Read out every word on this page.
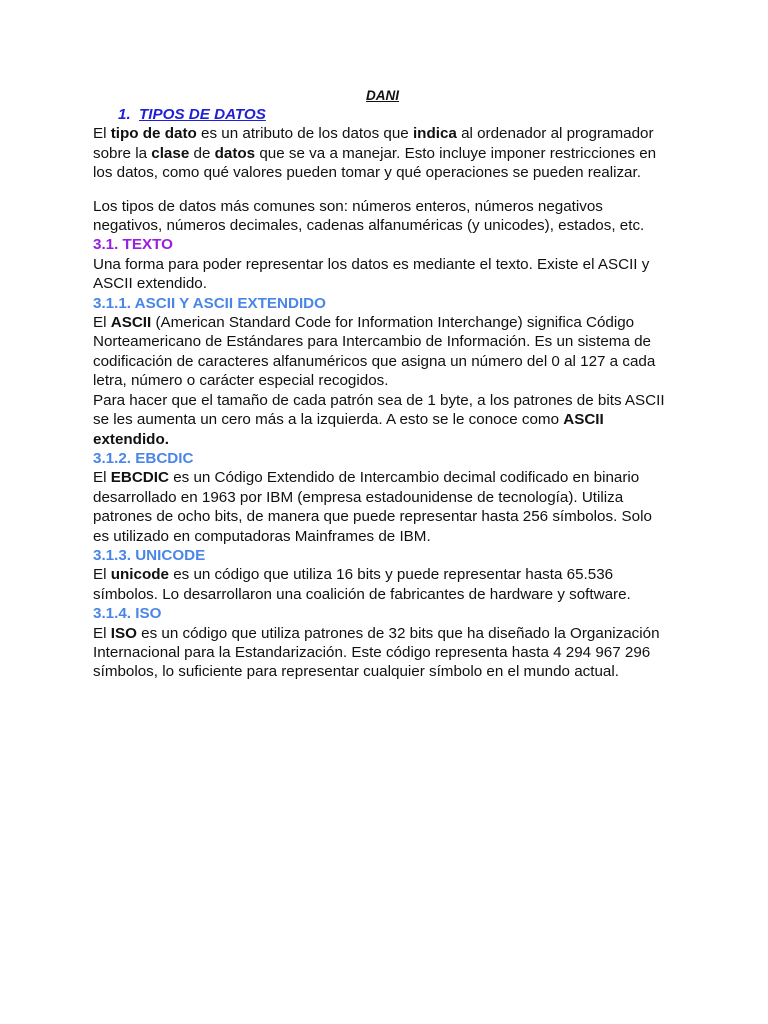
DANI

1. TIPOS DE DATOS

El tipo de dato es un atributo de los datos que indica al ordenador al programador sobre la clase de datos que se va a manejar. Esto incluye imponer restricciones en los datos, como qué valores pueden tomar y qué operaciones se pueden realizar.

Los tipos de datos más comunes son: números enteros, números negativos negativos, números decimales, cadenas alfanuméricas (y unicodes), estados, etc.

3.1. TEXTO

Una forma para poder representar los datos es mediante el texto. Existe el ASCII y ASCII extendido.

3.1.1. ASCII Y ASCII EXTENDIDO

El ASCII (American Standard Code for Information Interchange) significa Código Norteamericano de Estándares para Intercambio de Información. Es un sistema de codificación de caracteres alfanuméricos que asigna un número del 0 al 127 a cada letra, número o carácter especial recogidos.

Para hacer que el tamaño de cada patrón sea de 1 byte, a los patrones de bits ASCII se les aumenta un cero más a la izquierda. A esto se le conoce como ASCII extendido.

3.1.2. EBCDIC

El EBCDIC es un Código Extendido de Intercambio decimal codificado en binario desarrollado en 1963 por IBM (empresa estadounidense de tecnología). Utiliza patrones de ocho bits, de manera que puede representar hasta 256 símbolos. Solo es utilizado en computadoras Mainframes de IBM.

3.1.3. UNICODE

El unicode es un código que utiliza 16 bits y puede representar hasta 65.536 símbolos. Lo desarrollaron una coalición de fabricantes de hardware y software.

3.1.4. ISO

El ISO es un código que utiliza patrones de 32 bits que ha diseñado la Organización Internacional para la Estandarización. Este código representa hasta 4 294 967 296 símbolos, lo suficiente para representar cualquier símbolo en el mundo actual.
